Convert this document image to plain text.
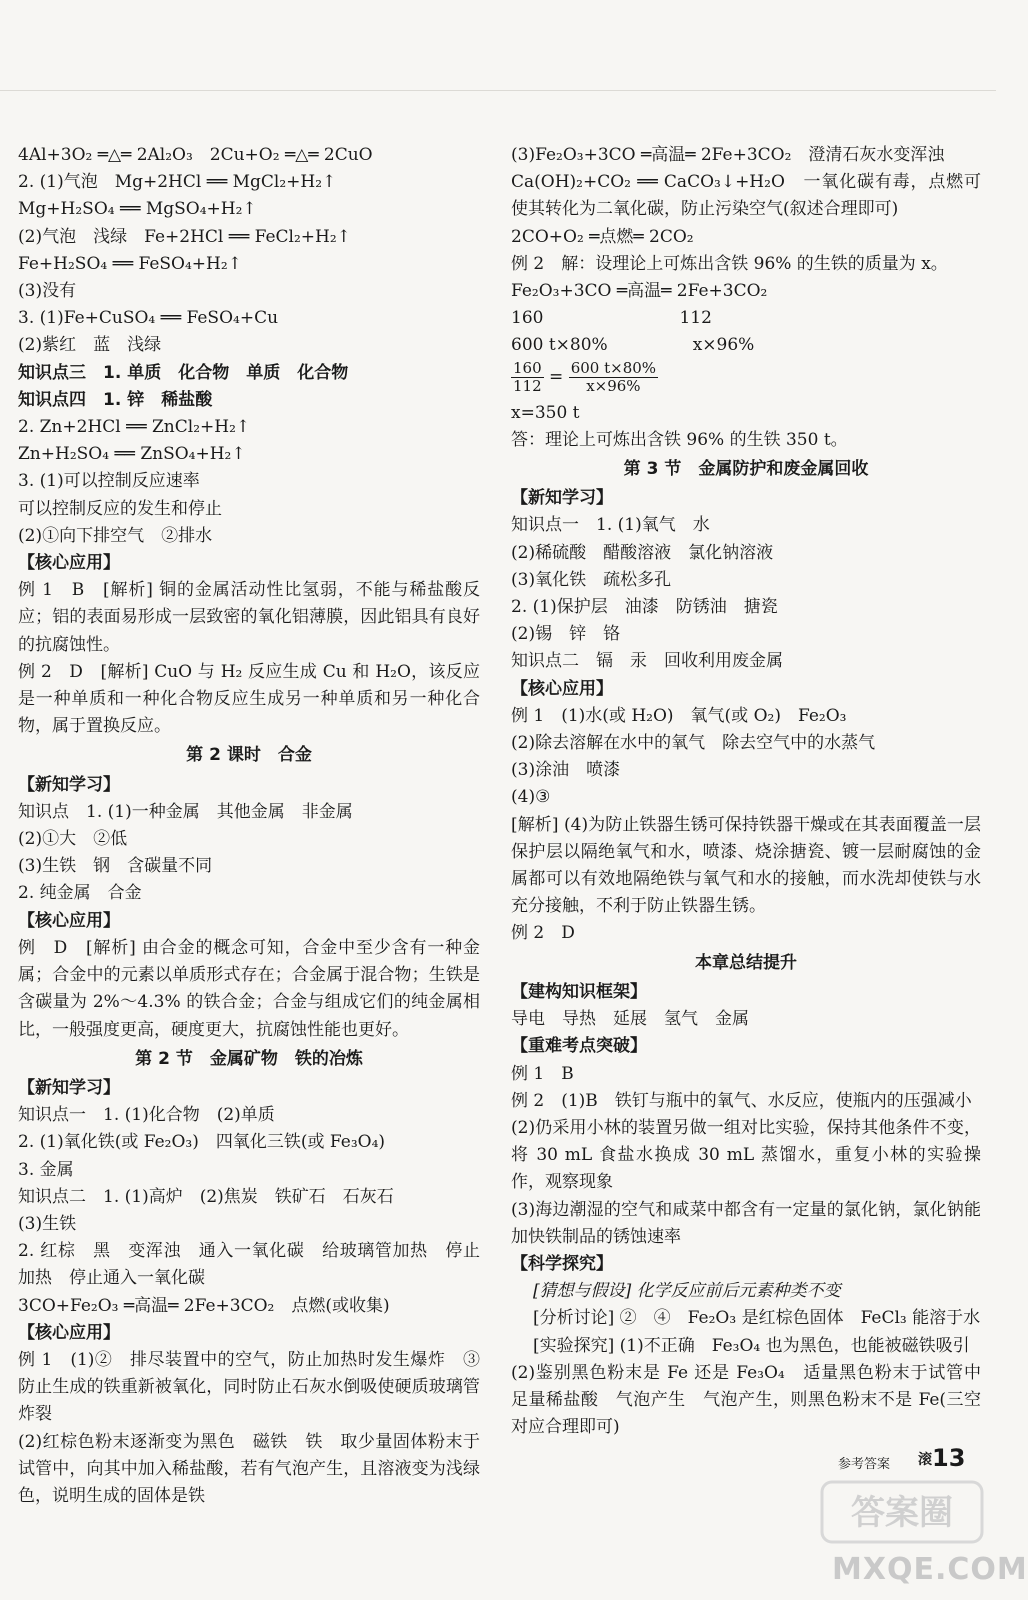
4Al+3O₂ ═△═ 2Al₂O₃　2Cu+O₂ ═△═ 2CuO
2. (1)气泡　Mg+2HCl ══ MgCl₂+H₂↑
Mg+H₂SO₄ ══ MgSO₄+H₂↑
(2)气泡　浅绿　Fe+2HCl ══ FeCl₂+H₂↑
Fe+H₂SO₄ ══ FeSO₄+H₂↑
(3)没有
3. (1)Fe+CuSO₄ ══ FeSO₄+Cu
(2)紫红　蓝　浅绿
知识点三　1. 单质　化合物　单质　化合物
知识点四　1. 锌　稀盐酸
2. Zn+2HCl ══ ZnCl₂+H₂↑
Zn+H₂SO₄ ══ ZnSO₄+H₂↑
3. (1)可以控制反应速率
可以控制反应的发生和停止
(2)①向下排空气　②排水
【核心应用】
例 1　B　[解析] 铜的金属活动性比氢弱，不能与稀盐酸反应；铝的表面易形成一层致密的氧化铝薄膜，因此铝具有良好的抗腐蚀性。
例 2　D　[解析] CuO 与 H₂ 反应生成 Cu 和 H₂O，该反应是一种单质和一种化合物反应生成另一种单质和另一种化合物，属于置换反应。
第 2 课时　合金
【新知学习】
知识点　1. (1)一种金属　其他金属　非金属
(2)①大　②低
(3)生铁　钢　含碳量不同
2. 纯金属　合金
【核心应用】
例　D　[解析] 由合金的概念可知，合金中至少含有一种金属；合金中的元素以单质形式存在；合金属于混合物；生铁是含碳量为 2%～4.3% 的铁合金；合金与组成它们的纯金属相比，一般强度更高，硬度更大，抗腐蚀性能也更好。
第 2 节　金属矿物　铁的冶炼
【新知学习】
知识点一　1. (1)化合物　(2)单质
2. (1)氧化铁(或 Fe₂O₃)　四氧化三铁(或 Fe₃O₄)
3. 金属
知识点二　1. (1)高炉　(2)焦炭　铁矿石　石灰石
(3)生铁
2. 红棕　黑　变浑浊　通入一氧化碳　给玻璃管加热　停止加热　停止通入一氧化碳
3CO+Fe₂O₃ ═高温═ 2Fe+3CO₂　点燃(或收集)
【核心应用】
例 1　(1)②　排尽装置中的空气，防止加热时发生爆炸　③　防止生成的铁重新被氧化，同时防止石灰水倒吸使硬质玻璃管炸裂
(2)红棕色粉末逐渐变为黑色　磁铁　铁　取少量固体粉末于试管中，向其中加入稀盐酸，若有气泡产生，且溶液变为浅绿色，说明生成的固体是铁
(3)Fe₂O₃+3CO ═高温═ 2Fe+3CO₂　澄清石灰水变浑浊
Ca(OH)₂+CO₂ ══ CaCO₃↓+H₂O　一氧化碳有毒，点燃可使其转化为二氧化碳，防止污染空气(叙述合理即可)
2CO+O₂ ═点燃═ 2CO₂
例 2　解：设理论上可炼出含铁 96% 的生铁的质量为 x。
Fe₂O₃+3CO ═高温═ 2Fe+3CO₂
160　　　　　　　　112
600 t×80%　　　　　x×96%
$\frac{160}{112} = \frac{600 t\times 80\%}{x\times 96\%}$
x=350 t
答：理论上可炼出含铁 96% 的生铁 350 t。
第 3 节　金属防护和废金属回收
【新知学习】
知识点一　1. (1)氧气　水
(2)稀硫酸　醋酸溶液　氯化钠溶液
(3)氧化铁　疏松多孔
2. (1)保护层　油漆　防锈油　搪瓷
(2)锡　锌　铬
知识点二　镉　汞　回收利用废金属
【核心应用】
例 1　(1)水(或 H₂O)　氧气(或 O₂)　Fe₂O₃
(2)除去溶解在水中的氧气　除去空气中的水蒸气
(3)涂油　喷漆
(4)③
[解析] (4)为防止铁器生锈可保持铁器干燥或在其表面覆盖一层保护层以隔绝氧气和水，喷漆、烧涂搪瓷、镀一层耐腐蚀的金属都可以有效地隔绝铁与氧气和水的接触，而水洗却使铁与水充分接触，不利于防止铁器生锈。
例 2　D
本章总结提升
【建构知识框架】
导电　导热　延展　氢气　金属
【重难考点突破】
例 1　B
例 2　(1)B　铁钉与瓶中的氧气、水反应，使瓶内的压强减小
(2)仍采用小林的装置另做一组对比实验，保持其他条件不变，将 30 mL 食盐水换成 30 mL 蒸馏水，重复小林的实验操作，观察现象
(3)海边潮湿的空气和咸菜中都含有一定量的氯化钠，氯化钠能加快铁制品的锈蚀速率
【科学探究】
[猜想与假设] 化学反应前后元素种类不变
[分析讨论] ②　④　Fe₂O₃ 是红棕色固体　FeCl₃ 能溶于水
[实验探究] (1)不正确　Fe₃O₄ 也为黑色，也能被磁铁吸引
(2)鉴别黑色粉末是 Fe 还是 Fe₃O₄　适量黑色粉末于试管中　足量稀盐酸　气泡产生　气泡产生，则黑色粉末不是 Fe(三空对应合理即可)
参考答案 滚13
答案圈
MXQE.COM
